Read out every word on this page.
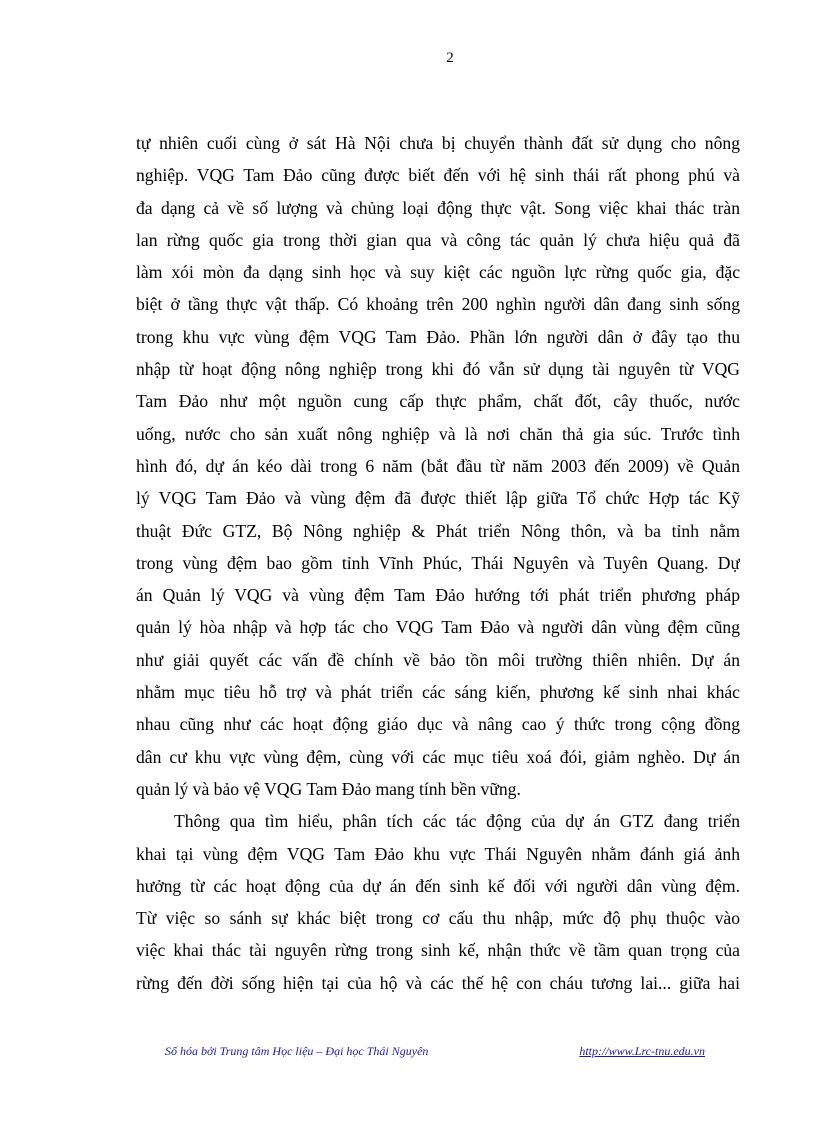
2
tự nhiên cuối cùng ở sát Hà Nội chưa bị chuyển thành đất sử dụng cho nông
nghiệp. VQG Tam Đảo cũng được biết đến với hệ sinh thái rất phong phú và
đa dạng cả về số lượng và chủng loại động thực vật. Song việc khai thác tràn
lan rừng quốc gia trong thời gian qua và công tác quản lý chưa hiệu quả đã
làm xói mòn đa dạng sinh học và suy kiệt các nguồn lực rừng quốc gia, đặc
biệt ở tầng thực vật thấp. Có khoảng trên 200 nghìn người dân đang sinh sống
trong khu vực vùng đệm VQG Tam Đảo. Phần lớn người dân ở đây tạo thu
nhập từ hoạt động nông nghiệp trong khi đó vẫn sử dụng tài nguyên từ VQG
Tam Đảo như một nguồn cung cấp thực phẩm, chất đốt, cây thuốc, nước
uống, nước cho sản xuất nông nghiệp và là nơi chăn thả gia súc. Trước tình
hình đó, dự án kéo dài trong 6 năm (bắt đầu từ năm 2003 đến 2009) về Quản
lý VQG Tam Đảo và vùng đệm đã được thiết lập giữa Tổ chức Hợp tác Kỹ
thuật Đức GTZ, Bộ Nông nghiệp & Phát triển Nông thôn, và ba tỉnh nằm
trong vùng đệm bao gồm tỉnh Vĩnh Phúc, Thái Nguyên và Tuyên Quang. Dự
án Quản lý VQG và vùng đệm Tam Đảo hướng tới phát triển phương pháp
quản lý hòa nhập và hợp tác cho VQG Tam Đảo và người dân vùng đệm cũng
như giải quyết các vấn đề chính về bảo tồn môi trường thiên nhiên. Dự án
nhằm mục tiêu hỗ trợ và phát triển các sáng kiến, phương kế sinh nhai khác
nhau cũng như các hoạt động giáo dục và nâng cao ý thức trong cộng đồng
dân cư khu vực vùng đệm, cùng với các mục tiêu xoá đói, giảm nghèo. Dự án
quản lý và bảo vệ VQG Tam Đảo mang tính bền vững.
Thông qua tìm hiểu, phân tích các tác động của dự án GTZ đang triển
khai tại vùng đệm VQG Tam Đảo khu vực Thái Nguyên nhằm đánh giá ảnh
hưởng từ các hoạt động của dự án đến sinh kế đối với người dân vùng đệm.
Từ việc so sánh sự khác biệt trong cơ cấu thu nhập, mức độ phụ thuộc vào
việc khai thác tài nguyên rừng trong sinh kế, nhận thức về tầm quan trọng của
rừng đến đời sống hiện tại của hộ và các thế hệ con cháu tương lai... giữa hai
Số hóa bởi Trung tâm Học liệu – Đại học Thái Nguyên	http://www.Lrc-tnu.edu.vn
